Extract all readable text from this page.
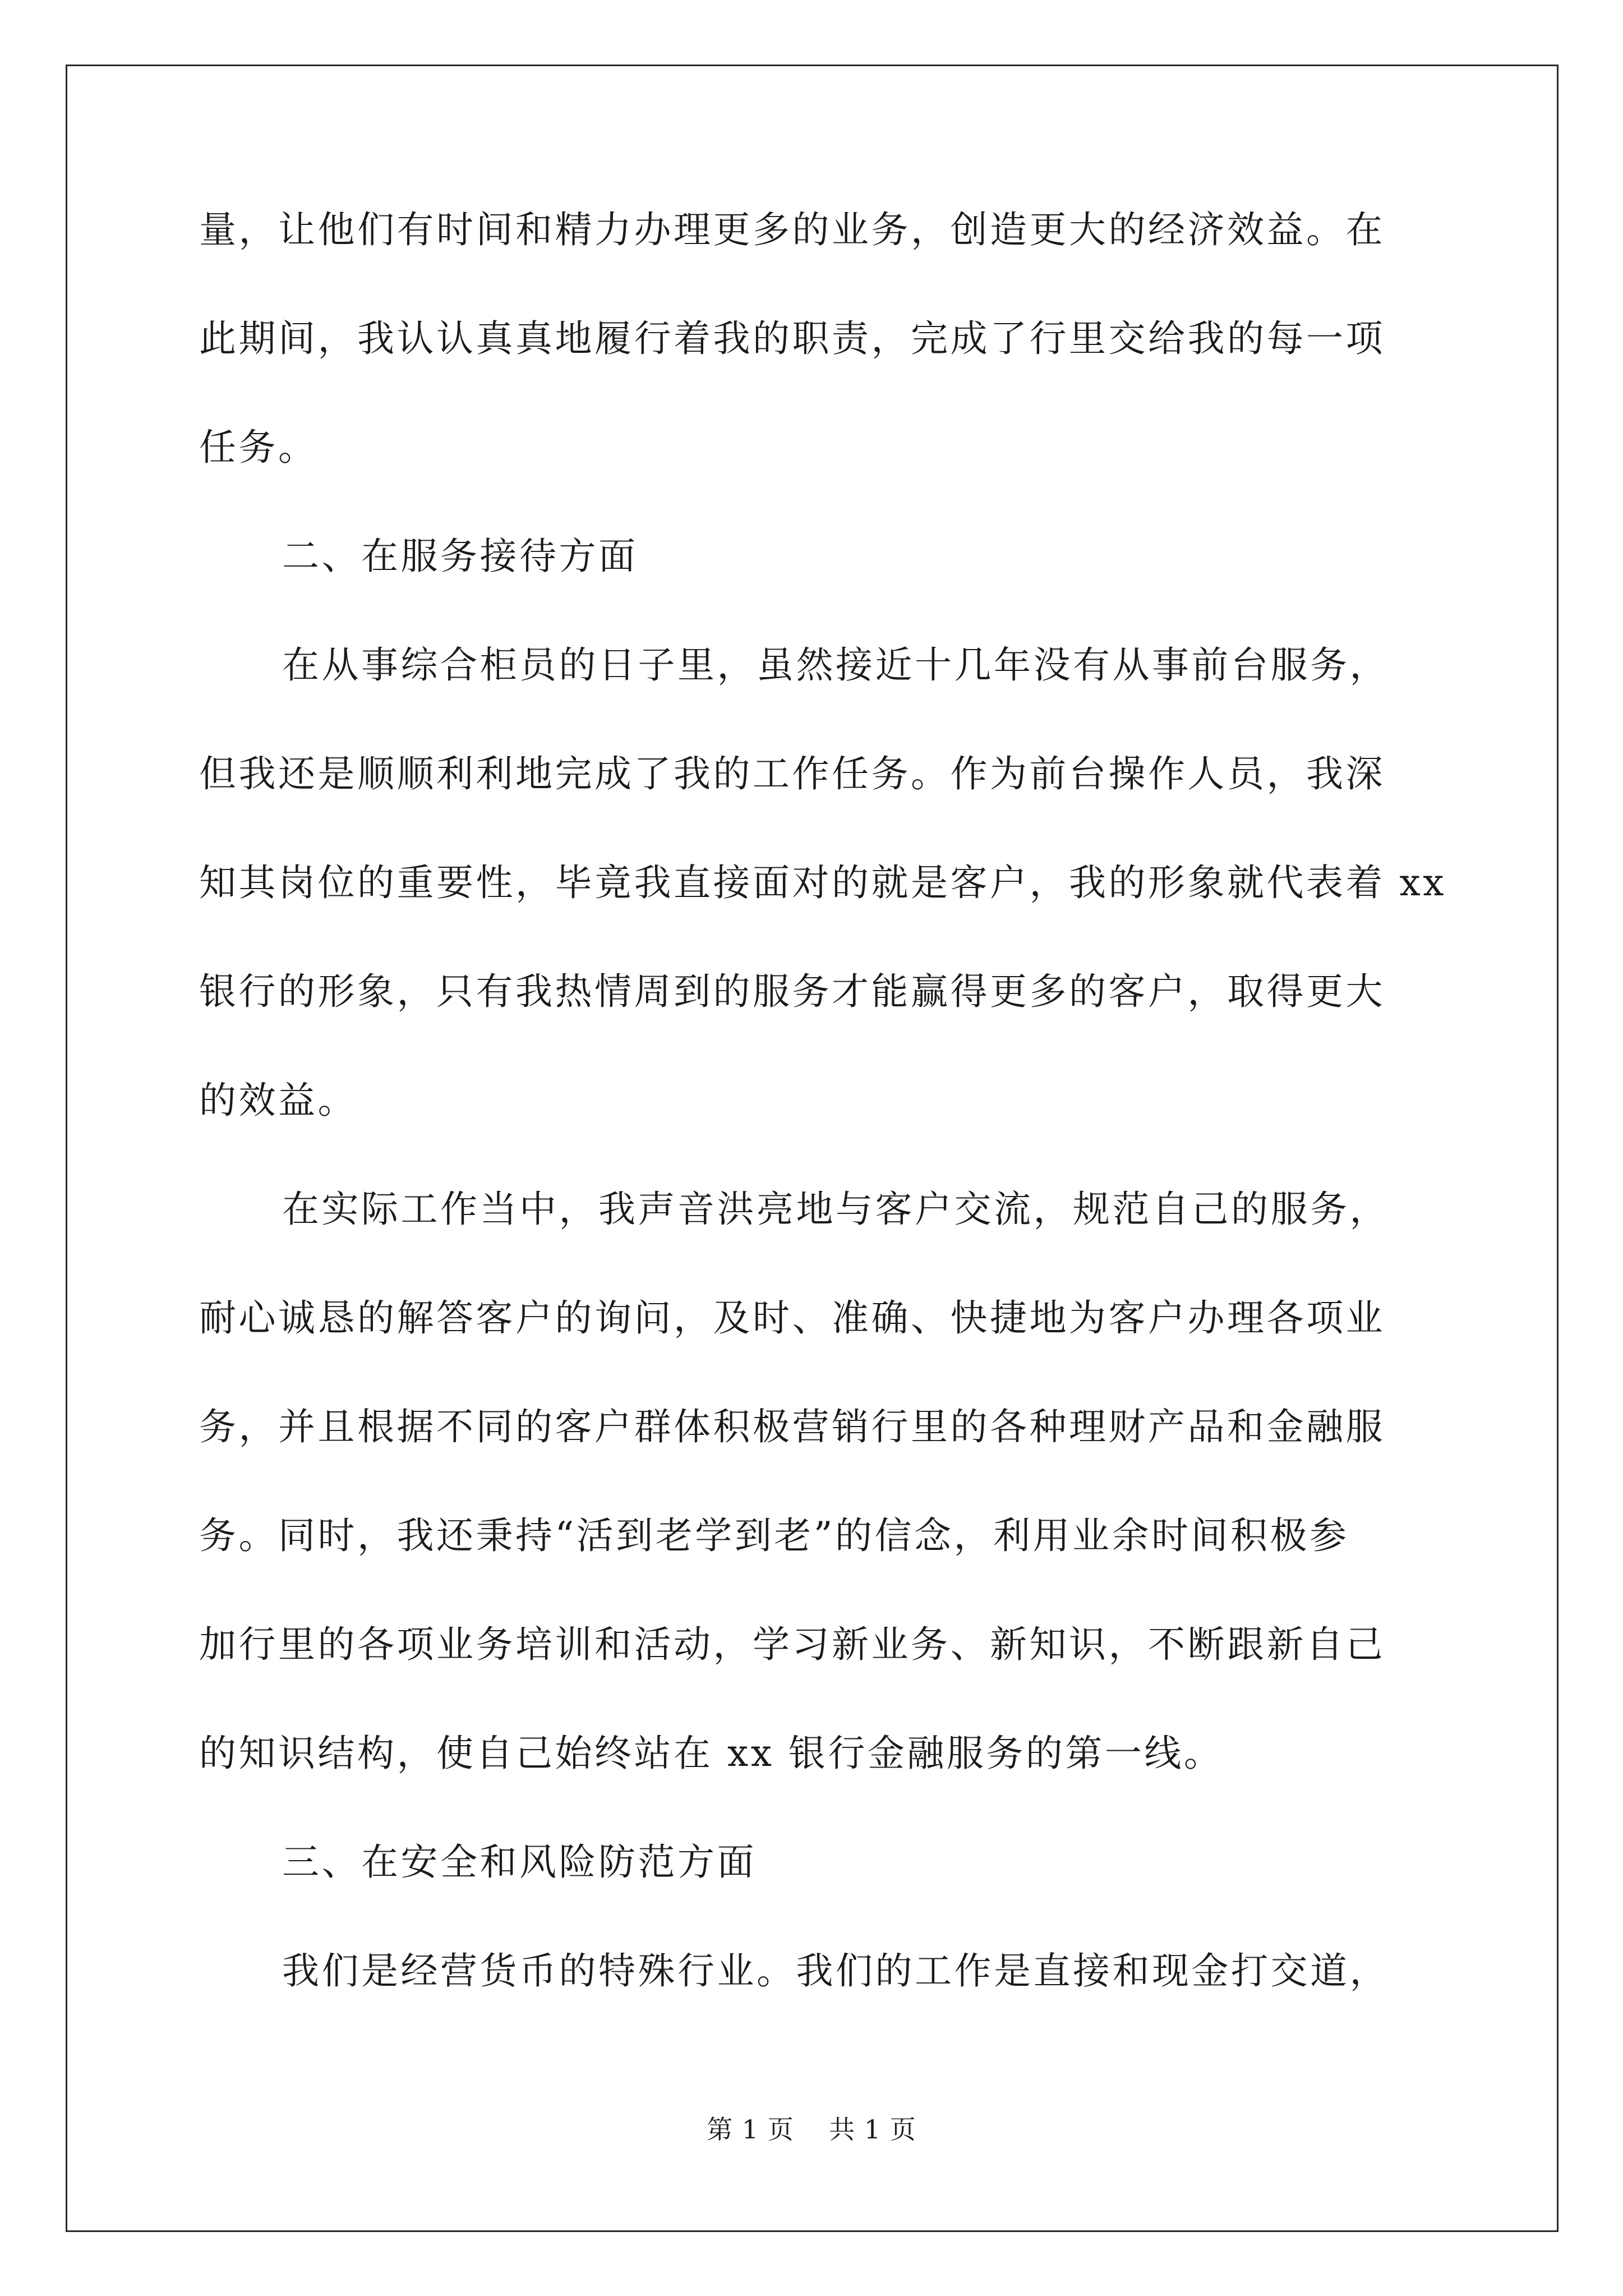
量，让他们有时间和精力办理更多的业务，创造更大的经济效益。在
此期间，我认认真真地履行着我的职责，完成了行里交给我的每一项
任务。
二、在服务接待方面
在从事综合柜员的日子里，虽然接近十几年没有从事前台服务，
但我还是顺顺利利地完成了我的工作任务。作为前台操作人员，我深
知其岗位的重要性，毕竟我直接面对的就是客户，我的形象就代表着 xx
银行的形象，只有我热情周到的服务才能赢得更多的客户，取得更大
的效益。
在实际工作当中，我声音洪亮地与客户交流，规范自己的服务，
耐心诚恳的解答客户的询问，及时、准确、快捷地为客户办理各项业
务，并且根据不同的客户群体积极营销行里的各种理财产品和金融服
务。同时，我还秉持“活到老学到老”的信念，利用业余时间积极参
加行里的各项业务培训和活动，学习新业务、新知识，不断跟新自己
的知识结构，使自己始终站在 xx 银行金融服务的第一线。
三、在安全和风险防范方面
我们是经营货币的特殊行业。我们的工作是直接和现金打交道，
第 1 页    共 1 页
